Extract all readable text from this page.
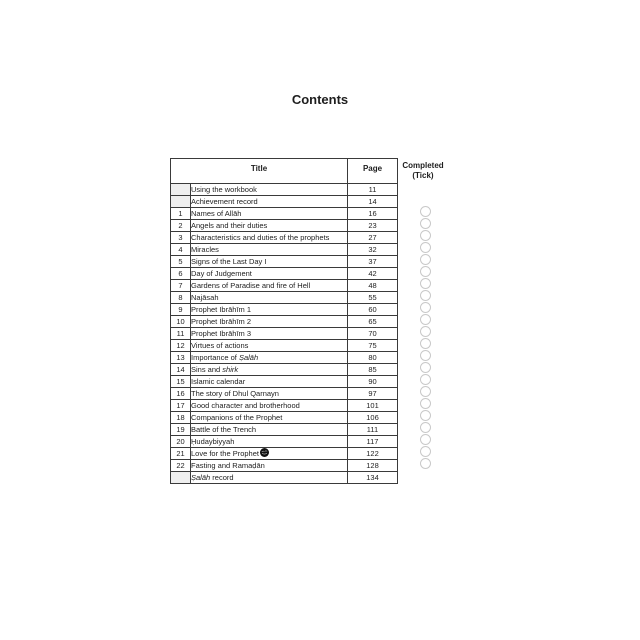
Contents
Title		Page
	Using the workbook	11
	Achievement record	14
1	Names of Allāh	16
2	Angels and their duties	23
3	Characteristics and duties of the prophets	27
4	Miracles	32
5	Signs of the Last Day I	37
6	Day of Judgement	42
7	Gardens of Paradise and fire of Hell	48
8	Najāsah	55
9	Prophet Ibrāhīm 1	60
10	Prophet Ibrāhīm 2	65
11	Prophet Ibrāhīm 3	70
12	Virtues of actions	75
13	Importance of Ṣalāh	80
14	Sins and shirk	85
15	Islamic calendar	90
16	The story of Dhul Qarnayn	97
17	Good character and brotherhood	101
18	Companions of the Prophet	106
19	Battle of the Trench	111
20	Ḥudaybiyyah	117
21	Love for the Prophet	122
22	Fasting and Ramaḍān	128
	Ṣalāh record	134
Completed
(Tick)
